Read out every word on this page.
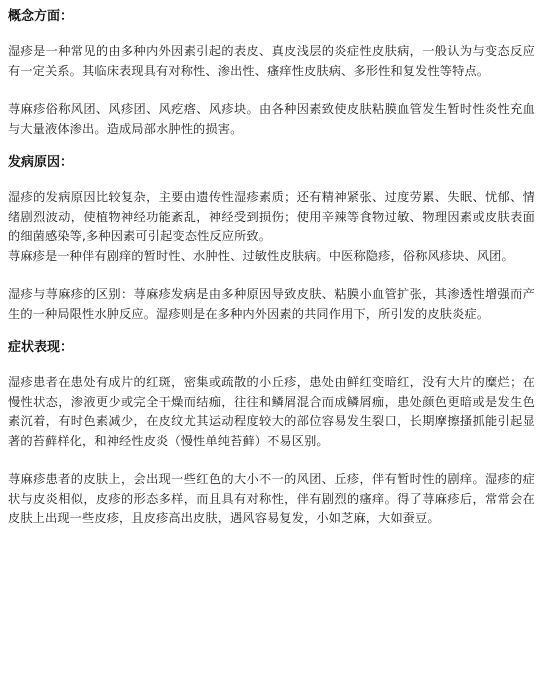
概念方面：

湿疹是一种常见的由多种内外因素引起的表皮、真皮浅层的炎症性皮肤病，一般认为与变态反应有一定关系。其临床表现具有对称性、渗出性、瘙痒性皮肤病、多形性和复发性等特点。

荨麻疹俗称风团、风疹团、风疙瘩、风疹块。由各种因素致使皮肤粘膜血管发生暂时性炎性充血与大量液体渗出。造成局部水肿性的损害。

发病原因：

湿疹的发病原因比较复杂，主要由遗传性湿疹素质；还有精神紧张、过度劳累、失眠、忧郁、情绪剧烈波动，使植物神经功能紊乱，神经受到损伤；使用辛辣等食物过敏、物理因素或皮肤表面的细菌感染等,多种因素可引起变态性反应所致。

荨麻疹是一种伴有剧痒的暂时性、水肿性、过敏性皮肤病。中医称隐疹，俗称风疹块、风团。

湿疹与荨麻疹的区别：荨麻疹发病是由多种原因导致皮肤、粘膜小血管扩张，其渗透性增强而产生的一种局限性水肿反应。湿疹则是在多种内外因素的共同作用下，所引发的皮肤炎症。

症状表现：

湿疹患者在患处有成片的红斑，密集或疏散的小丘疹，患处由鲜红变暗红，没有大片的糜烂；在慢性状态，渗液更少或完全干燥而结痂，往往和鳞屑混合而成鳞屑痂，患处颜色更暗或是发生色素沉着，有时色素减少，在皮纹尤其运动程度较大的部位容易发生裂口，长期摩擦搔抓能引起显著的苔藓样化，和神经性皮炎（慢性单纯苔藓）不易区别。

荨麻疹患者的皮肤上，会出现一些红色的大小不一的风团、丘疹，伴有暂时性的剧痒。湿疹的症状与皮炎相似，皮疹的形态多样，而且具有对称性，伴有剧烈的瘙痒。得了荨麻疹后，常常会在皮肤上出现一些皮疹，且皮疹高出皮肤，遇风容易复发，小如芝麻，大如蚕豆。
